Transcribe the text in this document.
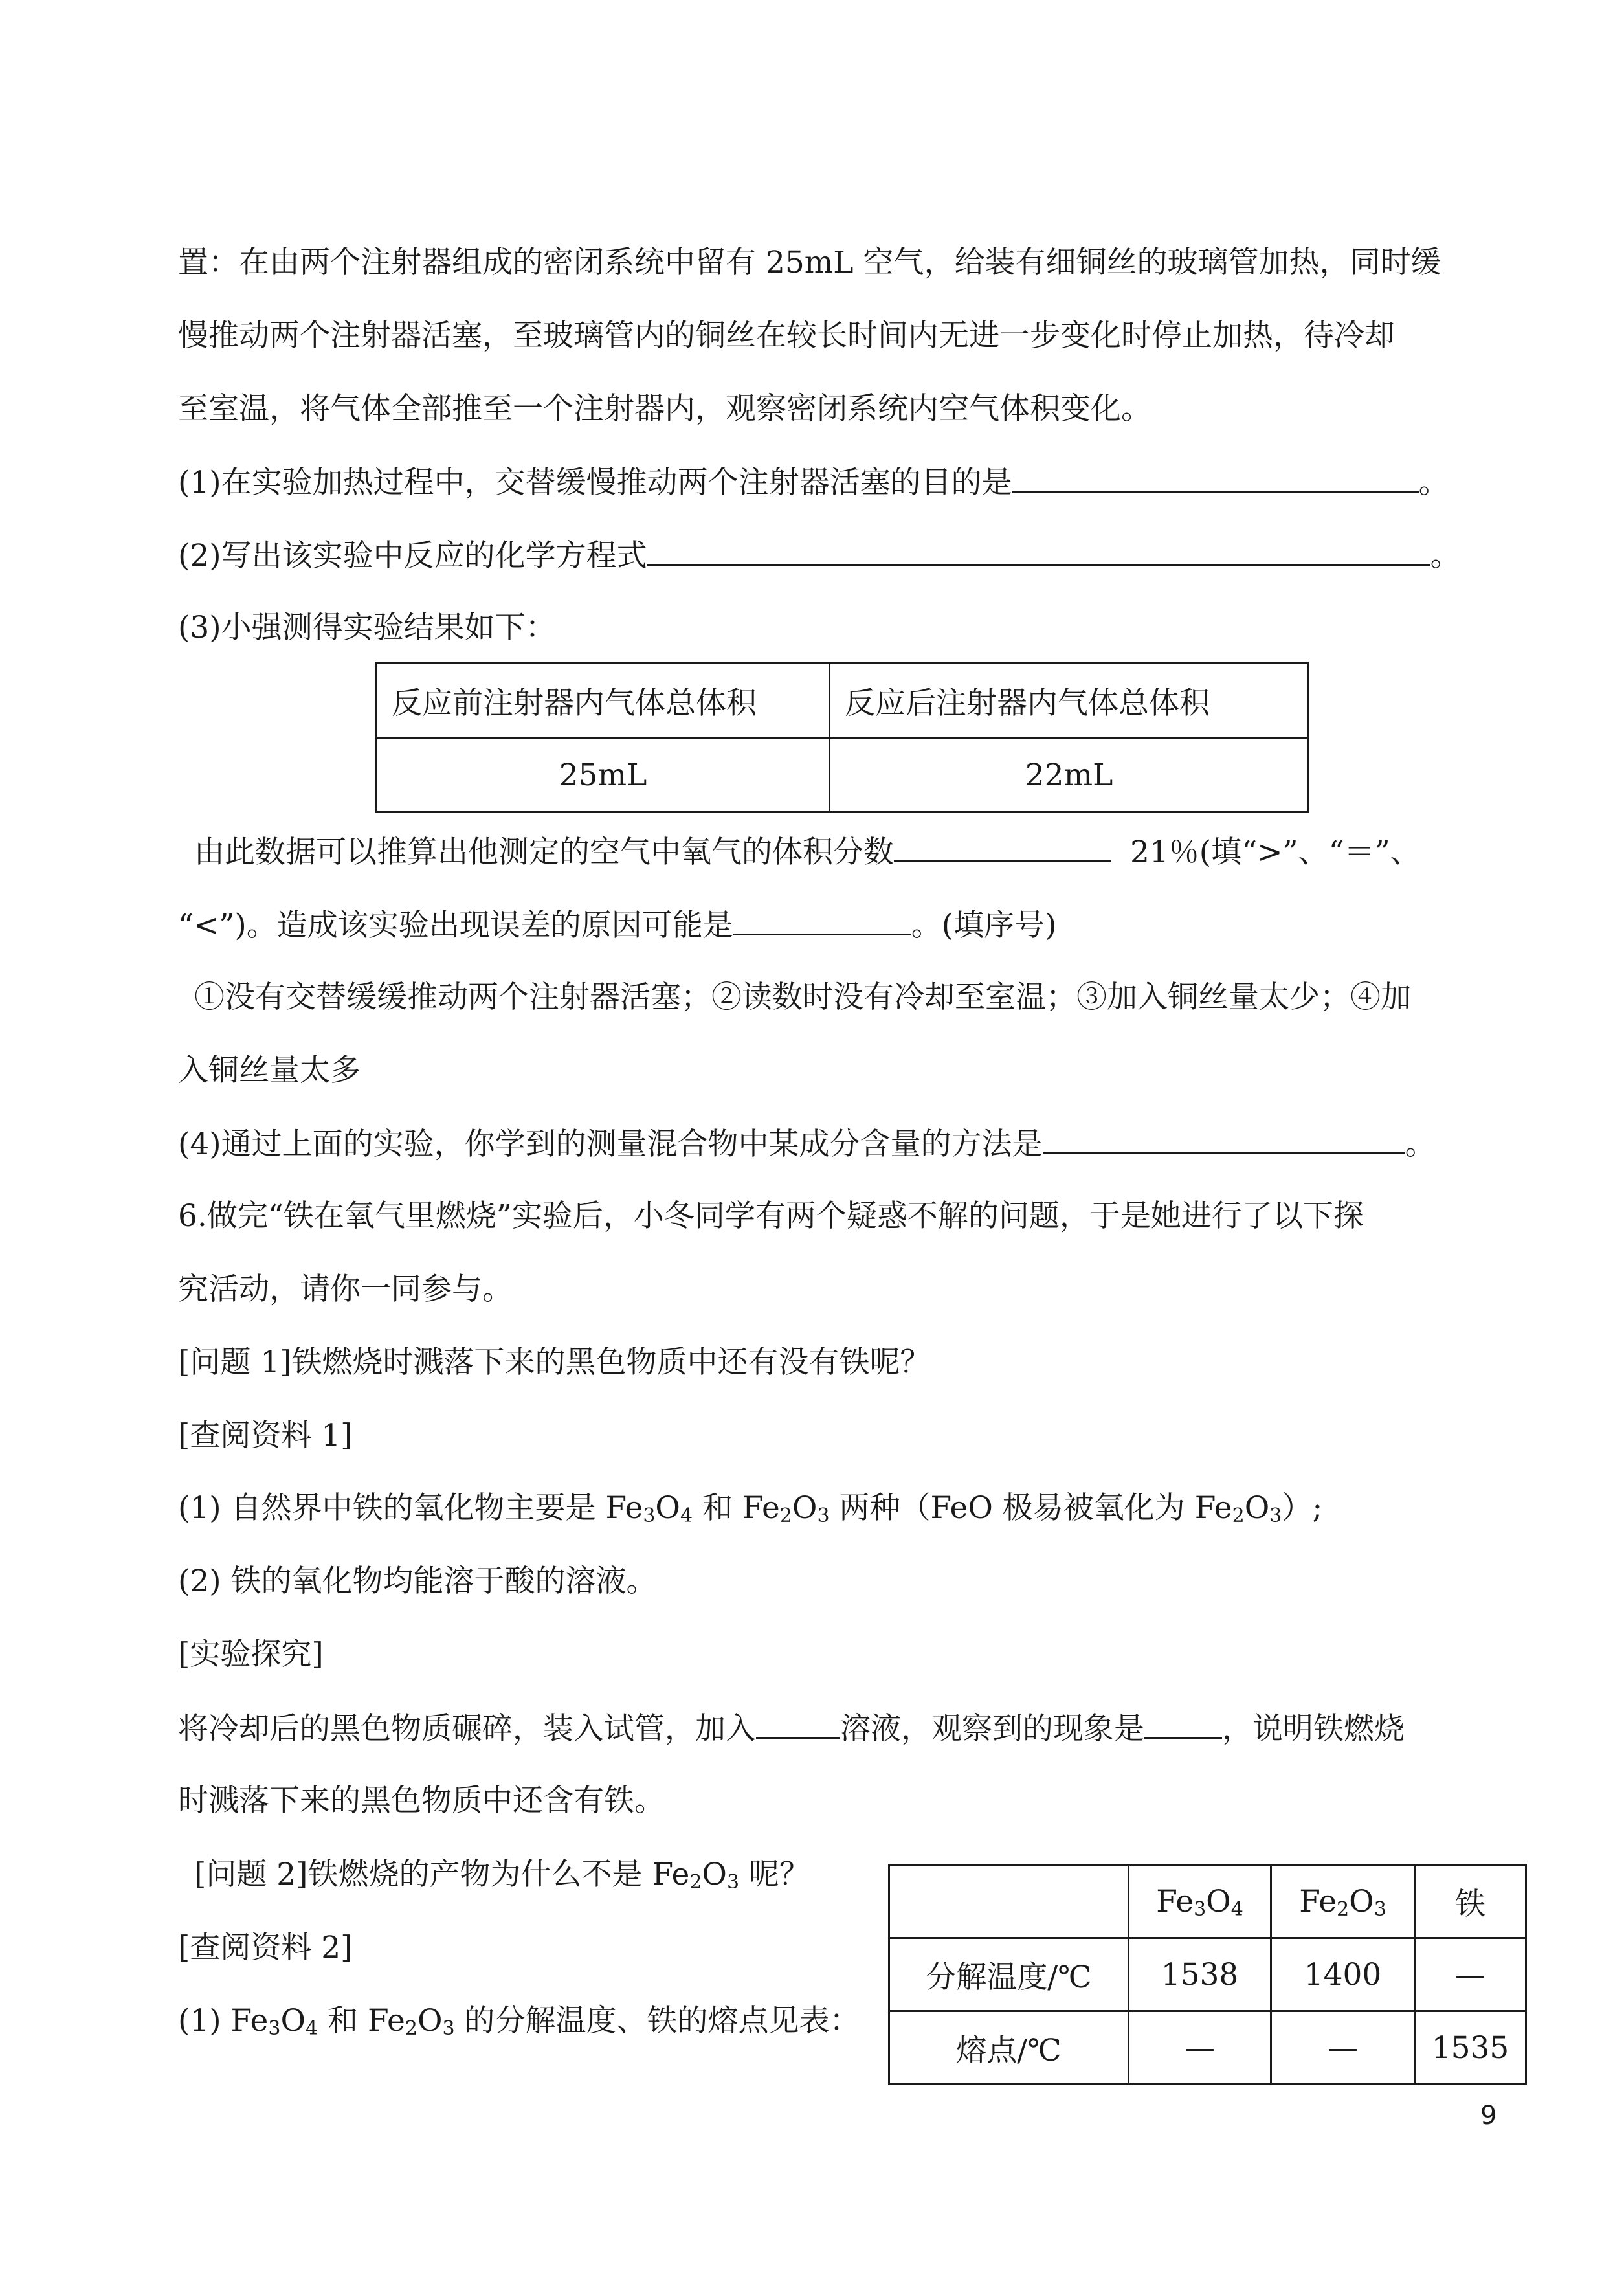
置：在由两个注射器组成的密闭系统中留有 25mL 空气，给装有细铜丝的玻璃管加热，同时缓
慢推动两个注射器活塞，至玻璃管内的铜丝在较长时间内无进一步变化时停止加热，待冷却
至室温，将气体全部推至一个注射器内，观察密闭系统内空气体积变化。
(1)在实验加热过程中，交替缓慢推动两个注射器活塞的目的是	。
(2)写出该实验中反应的化学方程式	。
(3)小强测得实验结果如下：
反应前注射器内气体总体积	反应后注射器内气体总体积
25mL	22mL
由此数据可以推算出他测定的空气中氧气的体积分数	21％(填“>”、“＝”、
“<”)。造成该实验出现误差的原因可能是	。(填序号)
①没有交替缓缓推动两个注射器活塞；②读数时没有冷却至室温；③加入铜丝量太少；④加
入铜丝量太多
(4)通过上面的实验，你学到的测量混合物中某成分含量的方法是	。
6.做完“铁在氧气里燃烧”实验后，小冬同学有两个疑惑不解的问题，于是她进行了以下探
究活动，请你一同参与。
[问题 1]铁燃烧时溅落下来的黑色物质中还有没有铁呢？
[查阅资料 1]
(1) 自然界中铁的氧化物主要是 $Fe_3O_4$ 和 $Fe_2O_3$ 两种（FeO 极易被氧化为 $Fe_2O_3$）;
(2) 铁的氧化物均能溶于酸的溶液。
[实验探究]
将冷却后的黑色物质碾碎，装入试管，加入	溶液，观察到的现象是	，说明铁燃烧
时溅落下来的黑色物质中还含有铁。
[问题 2]铁燃烧的产物为什么不是 $Fe_2O_3$ 呢？
[查阅资料 2]
(1) $Fe_3O_4$ 和 $Fe_2O_3$ 的分解温度、铁的熔点见表：
	$Fe_3O_4$	$Fe_2O_3$	铁
分解温度/℃	1538	1400	—
熔点/℃	—	—	1535
9
